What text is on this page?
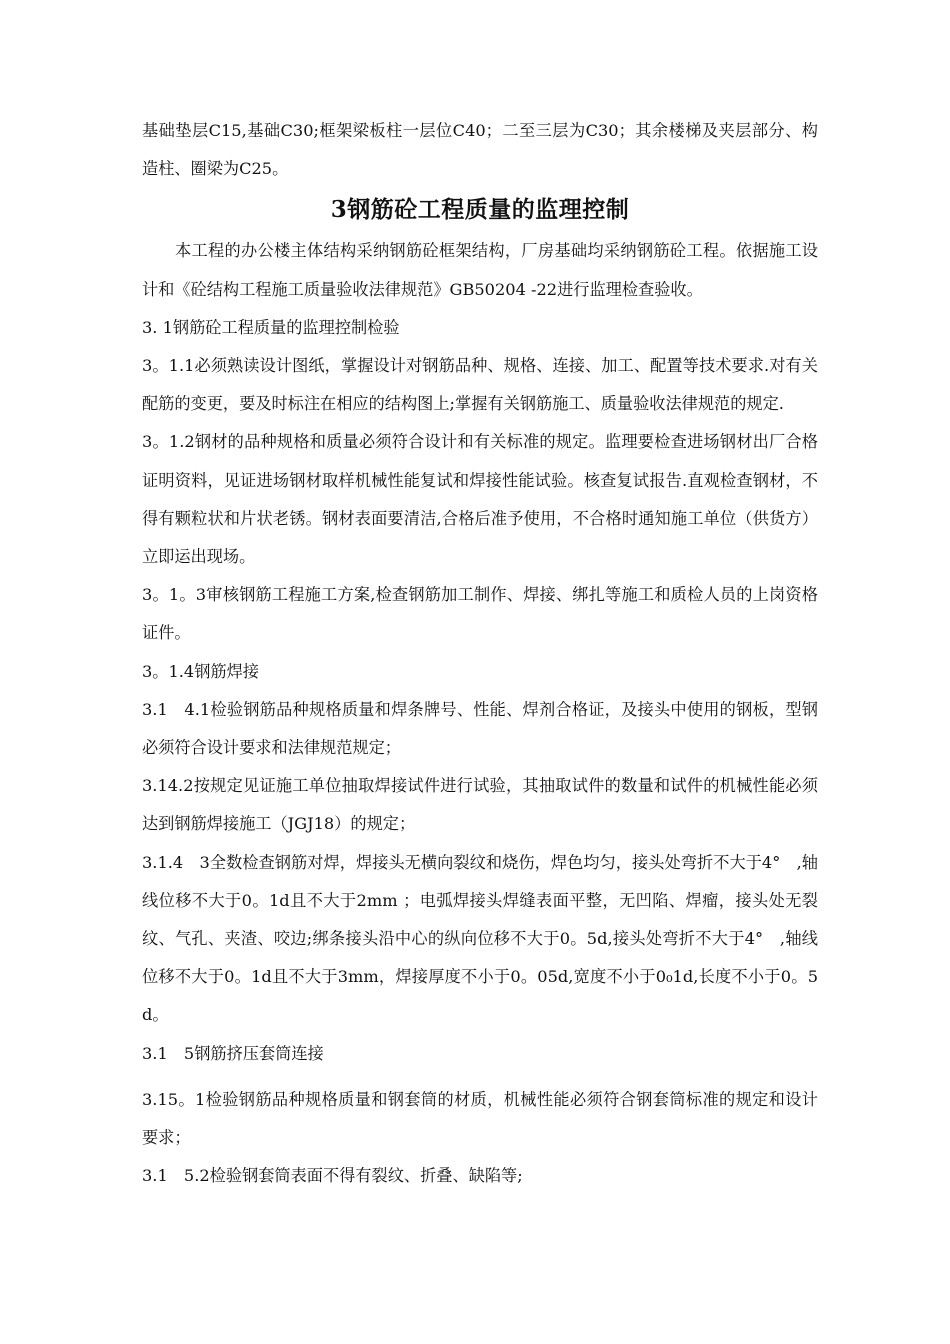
基础垫层C15,基础C30;框架梁板柱一层位C40；二至三层为C30；其余楼梯及夹层部分、构造柱、圈梁为C25。

3钢筋砼工程质量的监理控制

本工程的办公楼主体结构采纳钢筋砼框架结构，厂房基础均采纳钢筋砼工程。依据施工设计和《砼结构工程施工质量验收法律规范》GB50204 -22进行监理检查验收。

3. 1钢筋砼工程质量的监理控制检验

3。1.1必须熟读设计图纸，掌握设计对钢筋品种、规格、连接、加工、配置等技术要求.对有关配筋的变更，要及时标注在相应的结构图上;掌握有关钢筋施工、质量验收法律规范的规定.

3。1.2钢材的品种规格和质量必须符合设计和有关标准的规定。监理要检查进场钢材出厂合格证明资料，见证进场钢材取样机械性能复试和焊接性能试验。核查复试报告.直观检查钢材，不得有颗粒状和片状老锈。钢材表面要清洁,合格后准予使用，不合格时通知施工单位（供货方）立即运出现场。

3。1。3审核钢筋工程施工方案,检查钢筋加工制作、焊接、绑扎等施工和质检人员的上岗资格证件。

3。1.4钢筋焊接

3.1　4.1检验钢筋品种规格质量和焊条牌号、性能、焊剂合格证，及接头中使用的钢板，型钢必须符合设计要求和法律规范规定；

3.14.2按规定见证施工单位抽取焊接试件进行试验，其抽取试件的数量和试件的机械性能必须达到钢筋焊接施工（JGJ18）的规定；

3.1.4　3全数检查钢筋对焊，焊接头无横向裂纹和烧伤，焊色均匀，接头处弯折不大于4°　,轴线位移不大于0。1d且不大于2mm ；电弧焊接头焊缝表面平整，无凹陷、焊瘤，接头处无裂纹、气孔、夹渣、咬边;绑条接头沿中心的纵向位移不大于0。5d,接头处弯折不大于4°　,轴线位移不大于0。1d且不大于3mm，焊接厚度不小于0。05d,宽度不小于0₀1d,长度不小于0。5d。

3.1　5钢筋挤压套筒连接

3.15。1检验钢筋品种规格质量和钢套筒的材质，机械性能必须符合钢套筒标准的规定和设计要求；

3.1　5.2检验钢套筒表面不得有裂纹、折叠、缺陷等;
